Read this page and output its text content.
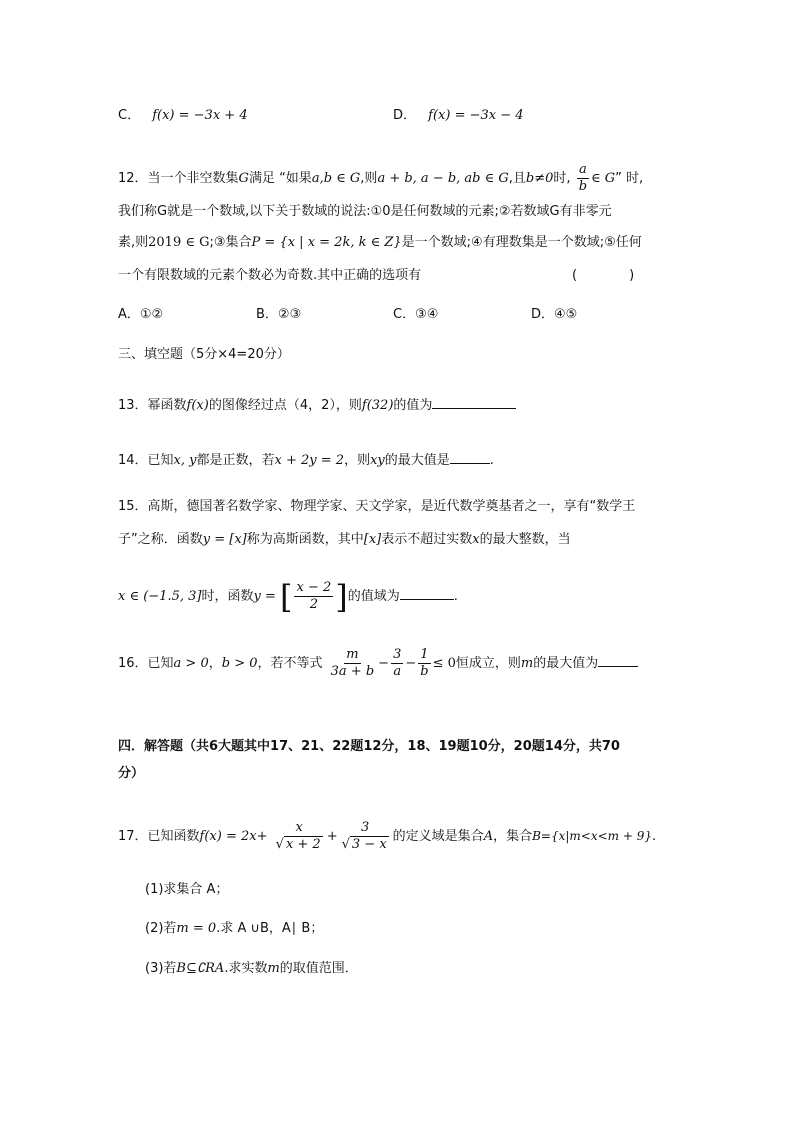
C． f(x) = −3x + 4	D． f(x) = −3x − 4
12．当一个非空数集G满足 “如果a,b ∈ G,则a + b, a − b, ab ∈ G,且b≠0时, $\frac{a}{b}$ ∈ G” 时,
我们称G就是一个数域,以下关于数域的说法:①0是任何数域的元素;②若数域G有非零元
素,则2019 ∈ G;③集合P = {x | x = 2k, k ∈ Z}是一个数域;④有理数集是一个数域;⑤任何
一个有限数域的元素个数必为奇数.其中正确的选项有	(　　　　)
A．①②	B．②③	C．③④	D．④⑤
三、填空题（5分×4=20分）
13．幂函数f(x)的图像经过点（4，2），则f(32)的值为
14．已知x, y都是正数，若x + 2y = 2，则xy的最大值是	.
15．高斯，德国著名数学家、物理学家、天文学家，是近代数学奠基者之一，享有“数学王
子”之称．函数y = [x]称为高斯函数，其中[x]表示不超过实数x的最大整数，当
x ∈ (−1.5, 3]时，函数y = [ $\frac{x - 2}{2}$ ] 的值域为	.
16．已知a > 0，b > 0，若不等式 $\frac{m}{3a + b} - \frac{3}{a} - \frac{1}{b} \le 0$恒成立，则m的最大值为
四．解答题（共6大题其中17、21、22题12分，18、19题10分，20题14分，共70
分）
17．已知函数$f(x) = 2x+ \frac{x}{√ x + 2} + \frac{3}{√ 3 - x}$ 的定义域是集合A，集合B={x|m<x<m + 9}.
(1)求集合 A；
(2)若m = 0.求 A ∪B，A∣ B；
(3)若B⊆∁RA.求实数m的取值范围．
